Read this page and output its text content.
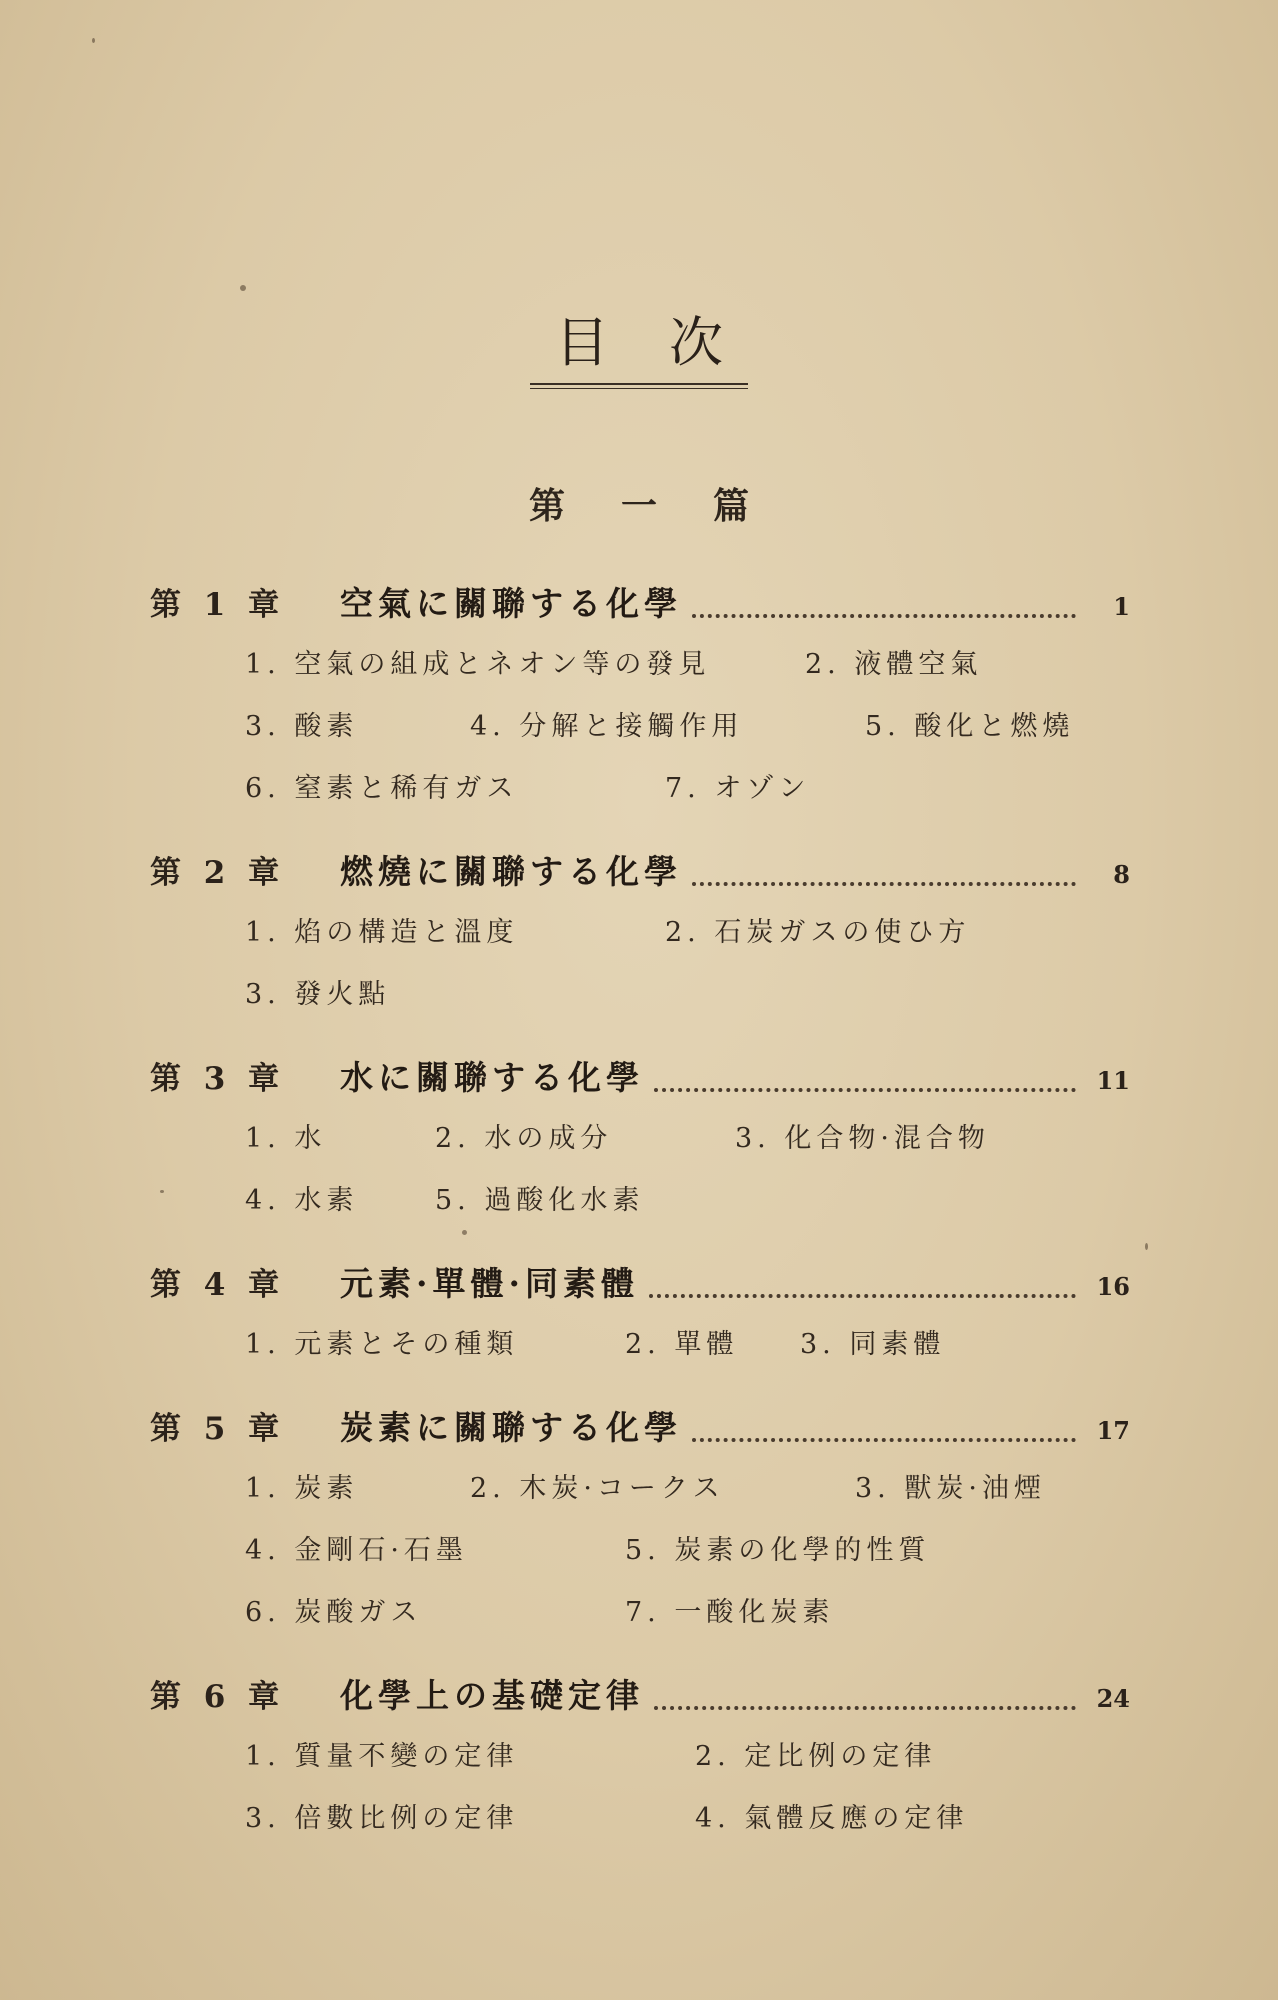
目次
第一篇
第 1 章	空氣に關聯する化學	1
1. 空氣の組成とネオン等の發見	2. 液體空氣
3. 酸素	4. 分解と接觸作用	5. 酸化と燃燒
6. 窒素と稀有ガス	7. オゾン
第 2 章	燃燒に關聯する化學	8
1. 焰の構造と溫度	2. 石炭ガスの使ひ方
3. 發火點
第 3 章	水に關聯する化學	11
1. 水	2. 水の成分	3. 化合物·混合物
4. 水素	5. 過酸化水素
第 4 章	元素·單體·同素體	16
1. 元素とその種類	2. 單體 3. 同素體
第 5 章	炭素に關聯する化學	17
1. 炭素	2. 木炭·コークス	3. 獸炭·油煙
4. 金剛石·石墨	5. 炭素の化學的性質
6. 炭酸ガス	7. 一酸化炭素
第 6 章	化學上の基礎定律	24
1. 質量不變の定律	2. 定比例の定律
3. 倍數比例の定律	4. 氣體反應の定律
